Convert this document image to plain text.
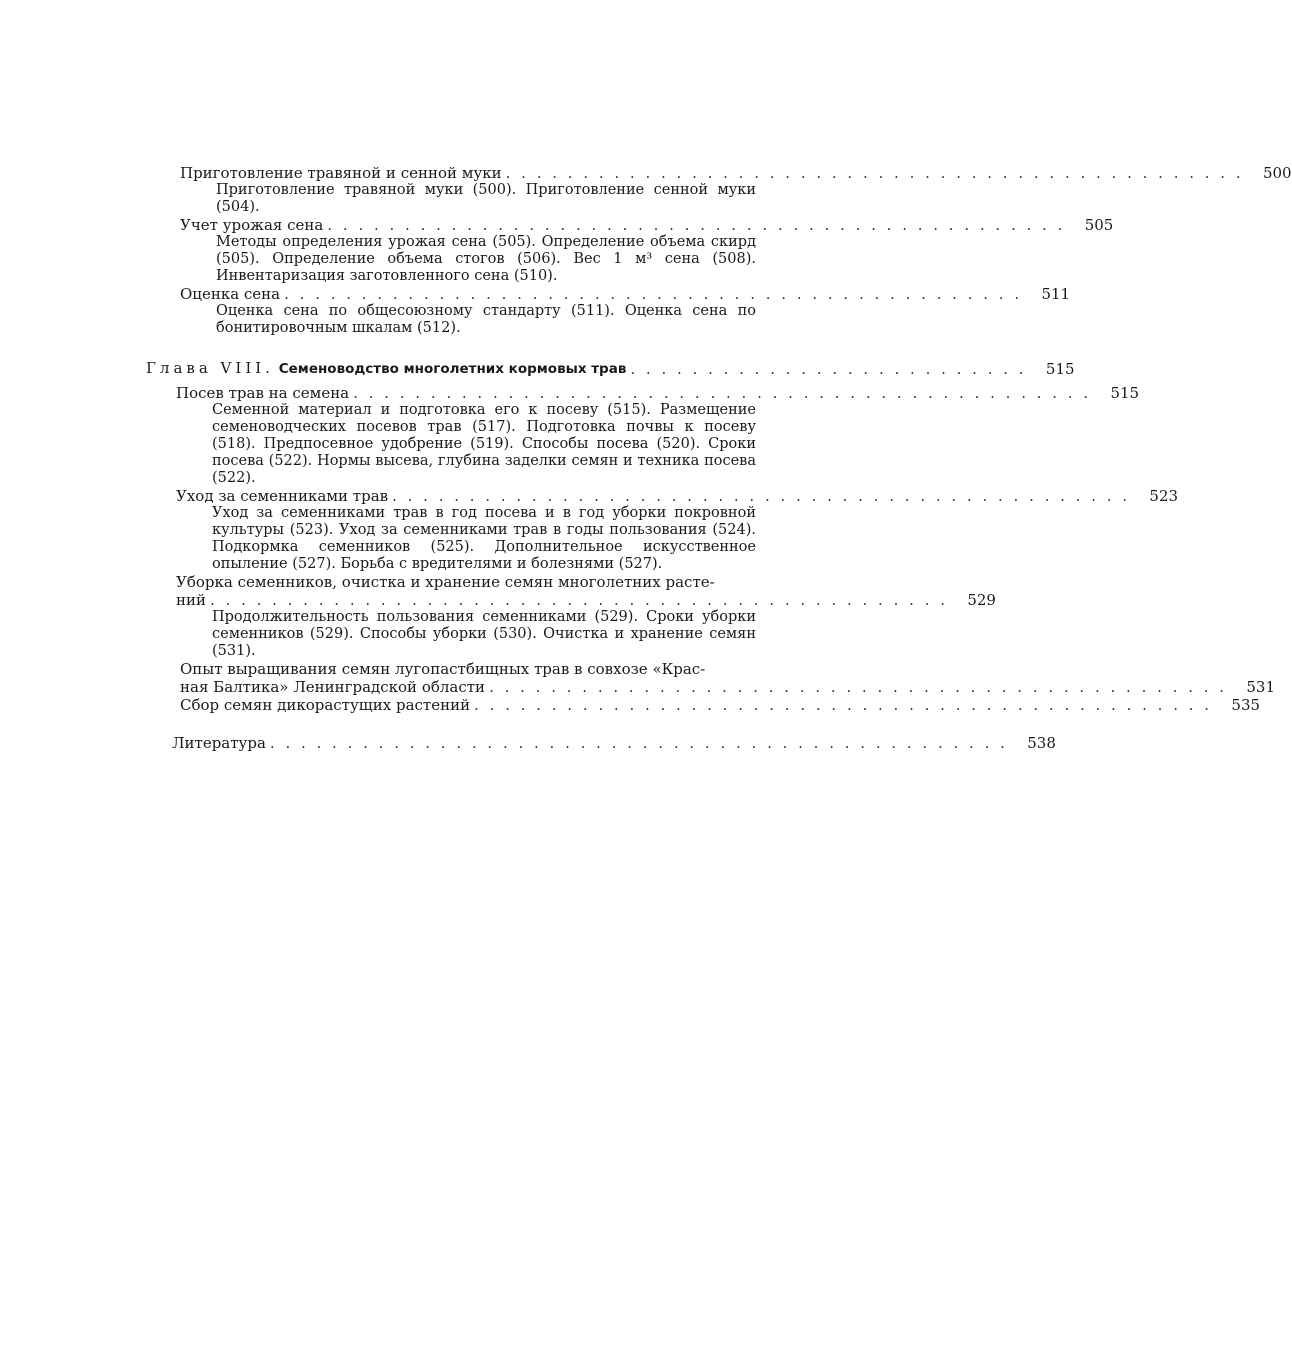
Приготовление травяной и сенной муки . . . . . . . . . . . . . . . . . . . . . . . . . . . . . . . . . . . . . . . . . . . . . . . .	500
Приготовление травяной муки (500). Приготовление сенной муки (504).
Учет урожая сена . . . . . . . . . . . . . . . . . . . . . . . . . . . . . . . . . . . . . . . . . . . . . . . .	505
Методы определения урожая сена (505). Определение объема скирд (505). Определение объема стогов (506). Вес 1 м³ сена (508). Инвентаризация заготовленного сена (510).
Оценка сена . . . . . . . . . . . . . . . . . . . . . . . . . . . . . . . . . . . . . . . . . . . . . . . .	511
Оценка сена по общесоюзному стандарту (511). Оценка сена по бонитировочным шкалам (512).
Глава VIII. Семеноводство многолетних кормовых трав . . . . . . . . . . . . . . . . . . . . . . . . . .	515
Посев трав на семена . . . . . . . . . . . . . . . . . . . . . . . . . . . . . . . . . . . . . . . . . . . . . . . .	515
Семенной материал и подготовка его к посеву (515). Размещение семеноводческих посевов трав (517). Подготовка почвы к посеву (518). Предпосевное удобрение (519). Способы посева (520). Сроки посева (522). Нормы высева, глубина заделки семян и техника посева (522).
Уход за семенниками трав . . . . . . . . . . . . . . . . . . . . . . . . . . . . . . . . . . . . . . . . . . . . . . . .	523
Уход за семенниками трав в год посева и в год уборки покровной культуры (523). Уход за семенниками трав в годы пользования (524). Подкормка семенников (525). Дополнительное искусственное опыление (527). Борьба с вредителями и болезнями (527).
Уборка семенников, очистка и хранение семян многолетних расте-
ний . . . . . . . . . . . . . . . . . . . . . . . . . . . . . . . . . . . . . . . . . . . . . . . .	529
Продолжительность пользования семенниками (529). Сроки уборки семенников (529). Способы уборки (530). Очистка и хранение семян (531).
Опыт выращивания семян лугопастбищных трав в совхозе «Крас-
ная Балтика» Ленинградской области . . . . . . . . . . . . . . . . . . . . . . . . . . . . . . . . . . . . . . . . . . . . . . . .	531
Сбор семян дикорастущих растений . . . . . . . . . . . . . . . . . . . . . . . . . . . . . . . . . . . . . . . . . . . . . . . .	535
Литература . . . . . . . . . . . . . . . . . . . . . . . . . . . . . . . . . . . . . . . . . . . . . . . .	538
